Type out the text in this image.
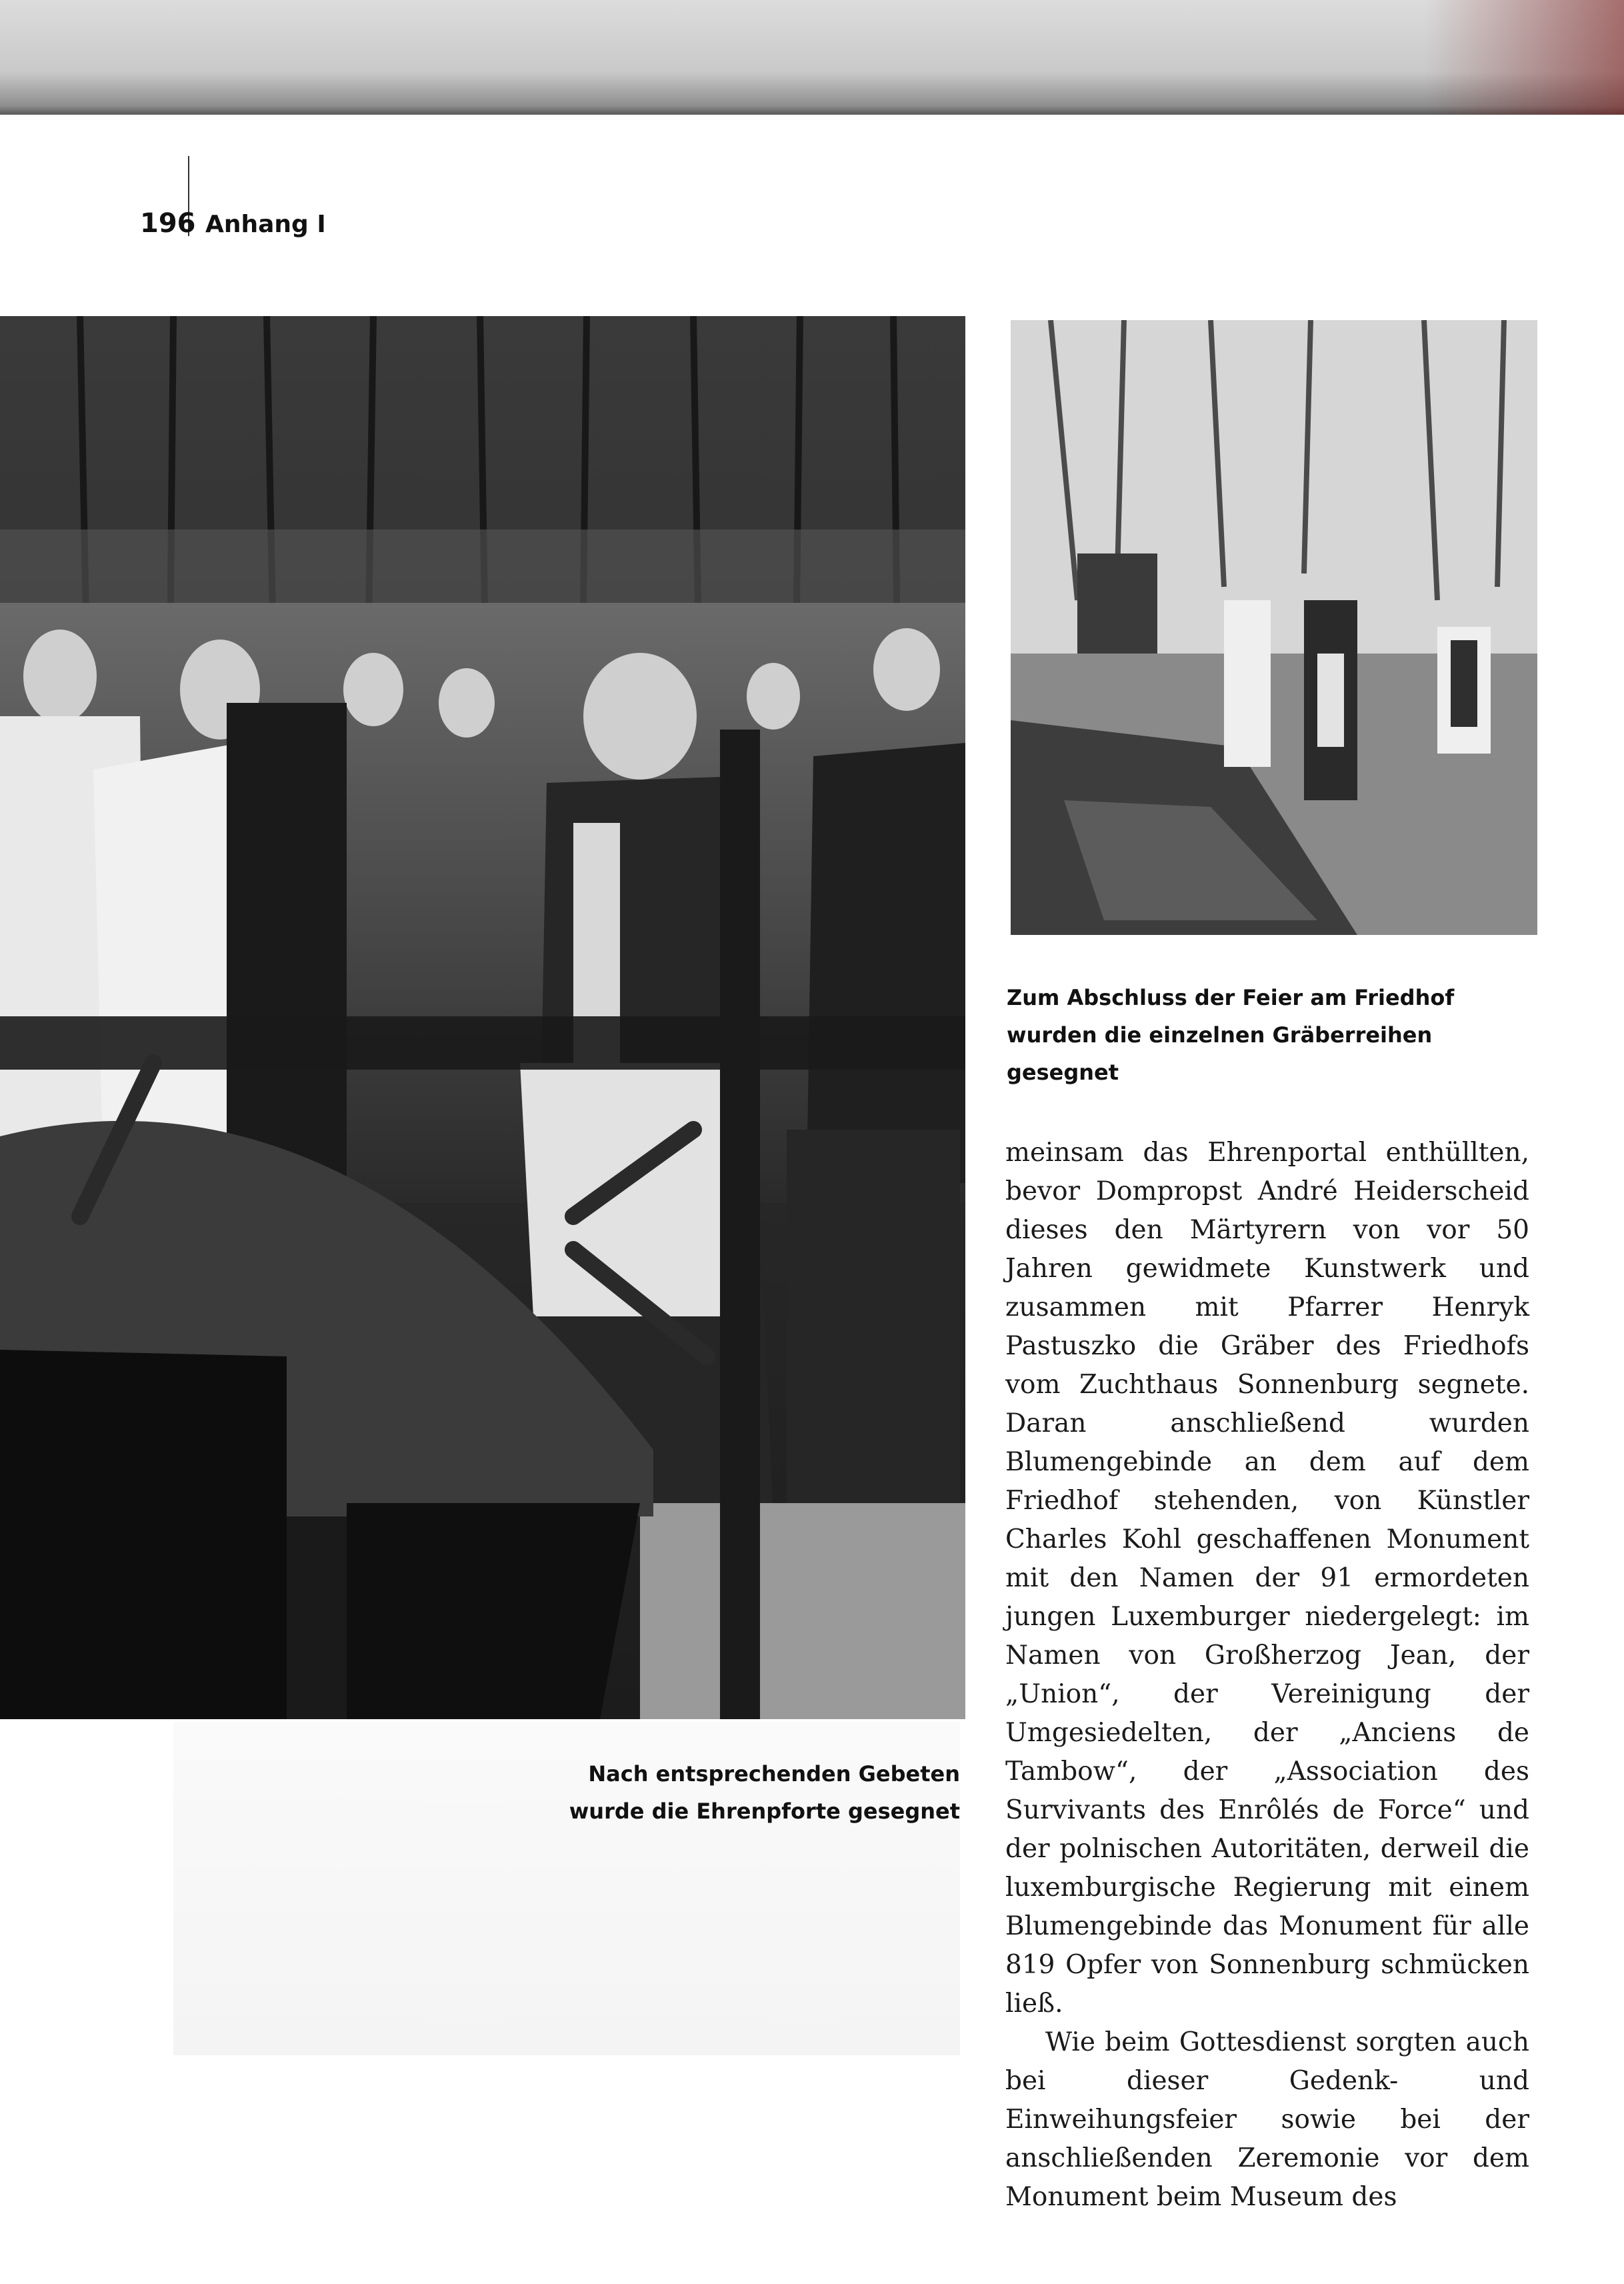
196 Anhang I
Zum Abschluss der Feier am Friedhof
wurden die einzelnen Gräberreihen gesegnet
Nach entsprechenden Gebeten
wurde die Ehrenpforte gesegnet

meinsam das Ehrenportal enthüllten, bevor Dompropst André Heiderscheid dieses den Märtyrern von vor 50 Jahren gewidmete Kunstwerk und zusammen mit Pfarrer Henryk Pastuszko die Gräber des Friedhofs vom Zuchthaus Sonnenburg segnete. Daran anschließend wurden Blumengebinde an dem auf dem Friedhof stehenden, von Künstler Charles Kohl geschaffenen Monument mit den Namen der 91 ermordeten jungen Luxemburger niedergelegt: im Namen von Großherzog Jean, der „Union“, der Vereinigung der Umgesiedelten, der „Anciens de Tambow“, der „Association des Survivants des Enrôlés de Force“ und der polnischen Autoritäten, derweil die luxemburgische Regierung mit einem Blumengebinde das Monument für alle 819 Opfer von Sonnenburg schmücken ließ.

Wie beim Gottesdienst sorgten auch bei dieser Gedenk- und Einweihungsfeier sowie bei der anschließenden Zeremonie vor dem Monument beim Museum des
